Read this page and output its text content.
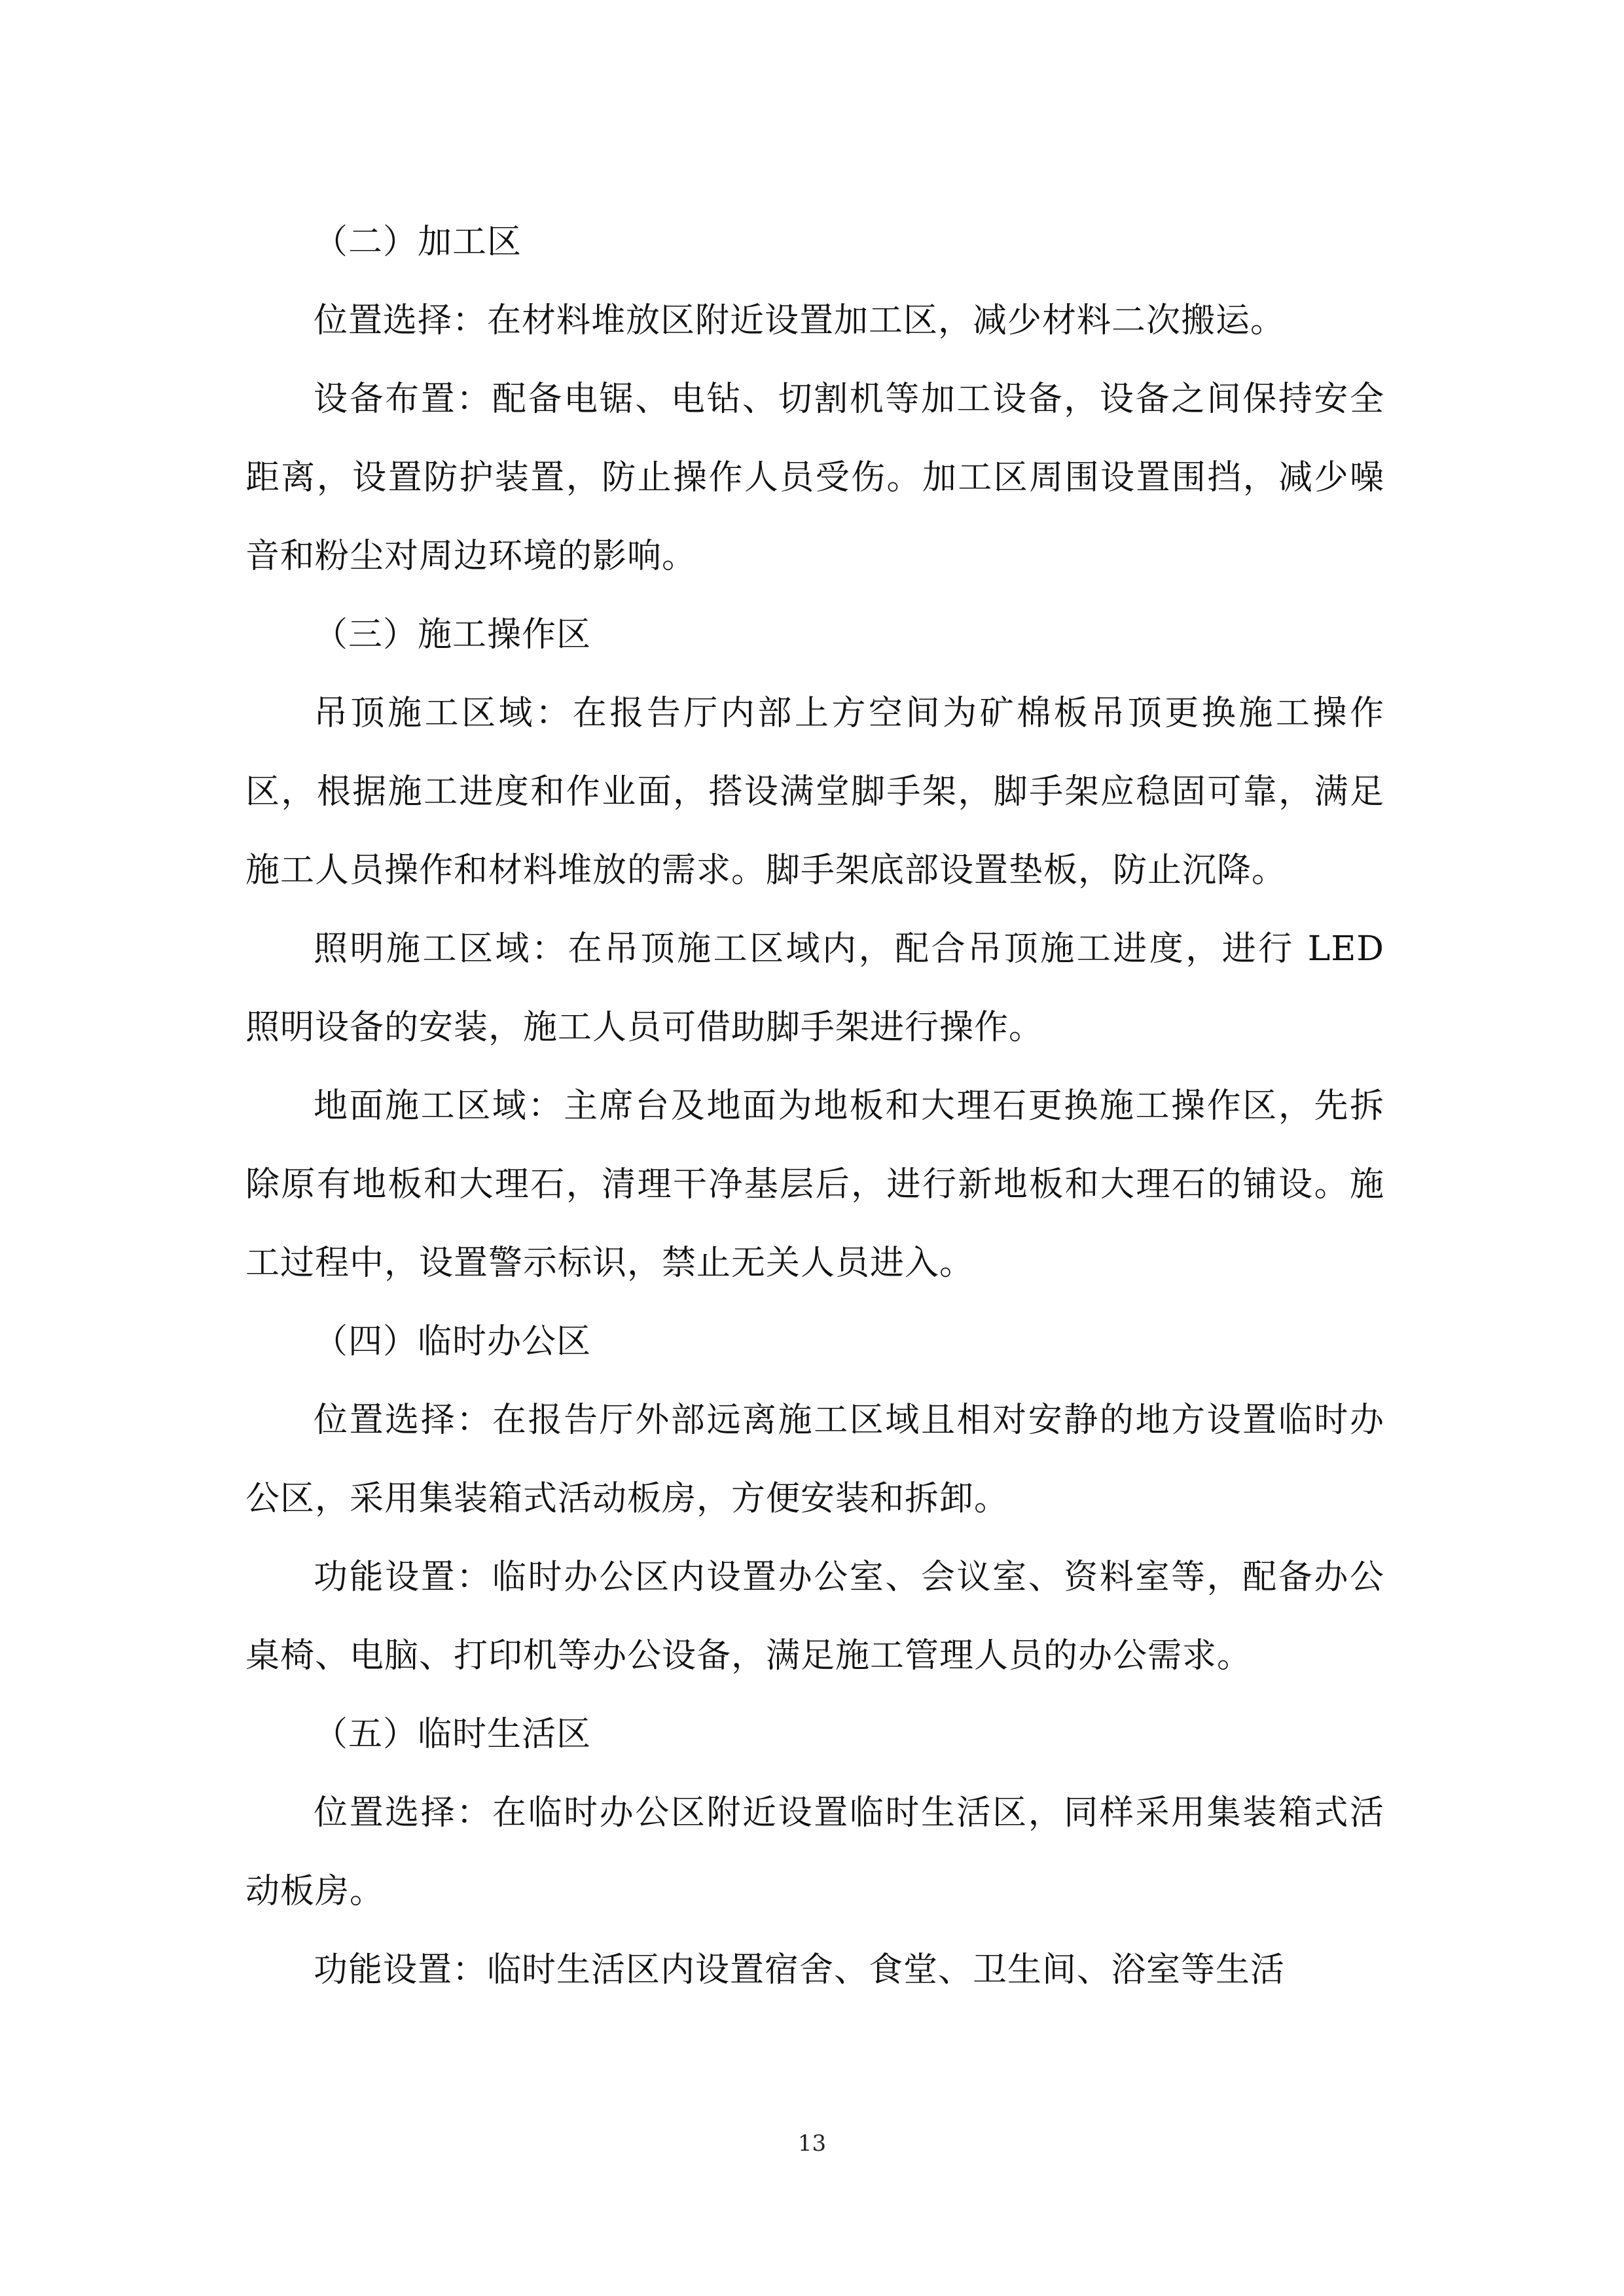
（二）加工区

位置选择：在材料堆放区附近设置加工区，减少材料二次搬运。

设备布置：配备电锯、电钻、切割机等加工设备，设备之间保持安全距离，设置防护装置，防止操作人员受伤。加工区周围设置围挡，减少噪音和粉尘对周边环境的影响。

（三）施工操作区

吊顶施工区域：在报告厅内部上方空间为矿棉板吊顶更换施工操作区，根据施工进度和作业面，搭设满堂脚手架，脚手架应稳固可靠，满足施工人员操作和材料堆放的需求。脚手架底部设置垫板，防止沉降。

照明施工区域：在吊顶施工区域内，配合吊顶施工进度，进行 LED 照明设备的安装，施工人员可借助脚手架进行操作。

地面施工区域：主席台及地面为地板和大理石更换施工操作区，先拆除原有地板和大理石，清理干净基层后，进行新地板和大理石的铺设。施工过程中，设置警示标识，禁止无关人员进入。

（四）临时办公区

位置选择：在报告厅外部远离施工区域且相对安静的地方设置临时办公区，采用集装箱式活动板房，方便安装和拆卸。

功能设置：临时办公区内设置办公室、会议室、资料室等，配备办公桌椅、电脑、打印机等办公设备，满足施工管理人员的办公需求。

（五）临时生活区

位置选择：在临时办公区附近设置临时生活区，同样采用集装箱式活动板房。

功能设置：临时生活区内设置宿舍、食堂、卫生间、浴室等生活

13
